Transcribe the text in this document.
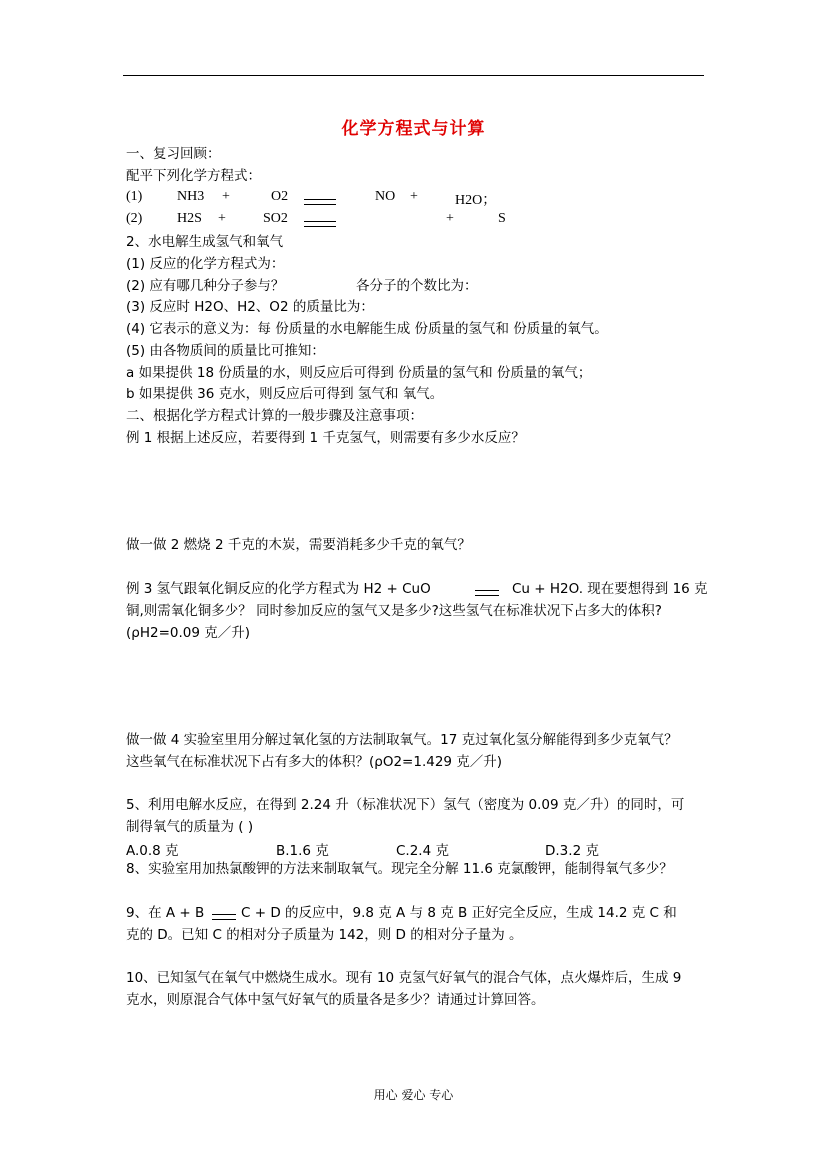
化学方程式与计算
一、复习回顾：
配平下列化学方程式：
(1) NH3 +	O2	NO +	H2O；
(2) H2S +	SO2	+	S
2、水电解生成氢气和氧气
(1) 反应的化学方程式为：
(2) 应有哪几种分子参与？	各分子的个数比为：
(3) 反应时 H2O、H2、O2 的质量比为：
(4) 它表示的意义为：每 份质量的水电解能生成 份质量的氢气和 份质量的氧气。
(5) 由各物质间的质量比可推知：
a 如果提供 18 份质量的水，则反应后可得到 份质量的氢气和 份质量的氧气；
b 如果提供 36 克水，则反应后可得到 氢气和 氧气。
二、根据化学方程式计算的一般步骤及注意事项：
例 1 根据上述反应，若要得到 1 千克氢气，则需要有多少水反应？
做一做 2 燃烧 2 千克的木炭，需要消耗多少千克的氧气？
例 3 氢气跟氧化铜反应的化学方程式为 H2 + CuO	Cu + H2O. 现在要想得到 16 克
铜,则需氧化铜多少？ 同时参加反应的氢气又是多少?这些氢气在标准状况下占多大的体积?
(ρH2=0.09 克／升)
做一做 4 实验室里用分解过氧化氢的方法制取氧气。17 克过氧化氢分解能得到多少克氧气？
这些氧气在标准状况下占有多大的体积？(ρO2=1.429 克／升)
5、利用电解水反应，在得到 2.24 升（标准状况下）氢气（密度为 0.09 克／升）的同时，可
制得氧气的质量为 ( )
A.0.8 克	B.1.6 克	C.2.4 克	D.3.2 克
8、实验室用加热氯酸钾的方法来制取氧气。现完全分解 11.6 克氯酸钾，能制得氧气多少？
9、在 A + B	C + D 的反应中，9.8 克 A 与 8 克 B 正好完全反应，生成 14.2 克 C 和
克的 D。已知 C 的相对分子质量为 142，则 D 的相对分子量为 。
10、已知氢气在氧气中燃烧生成水。现有 10 克氢气好氧气的混合气体，点火爆炸后，生成 9
克水，则原混合气体中氢气好氧气的质量各是多少？请通过计算回答。
用心 爱心 专心
